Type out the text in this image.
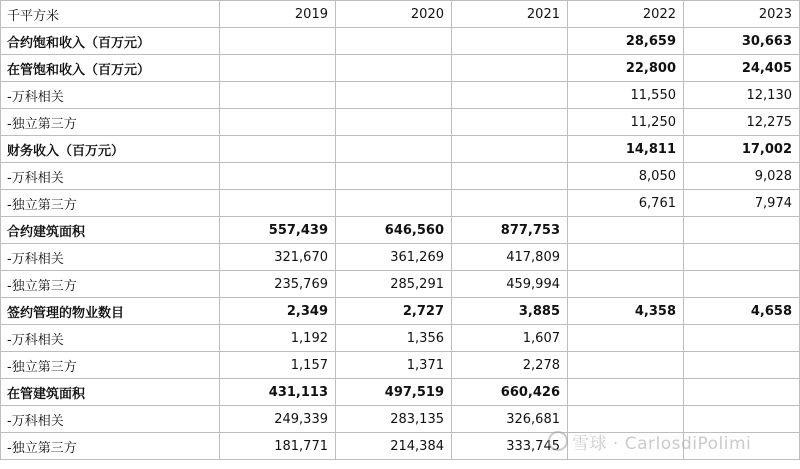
千平方米	2019	2020	2021	2022	2023
合约饱和收入（百万元）				28,659	30,663
在管饱和收入（百万元）				22,800	24,405
-万科相关				11,550	12,130
-独立第三方				11,250	12,275
财务收入（百万元）				14,811	17,002
-万科相关				8,050	9,028
-独立第三方				6,761	7,974
合约建筑面积	557,439	646,560	877,753		
-万科相关	321,670	361,269	417,809		
-独立第三方	235,769	285,291	459,994		
签约管理的物业数目	2,349	2,727	3,885	4,358	4,658
-万科相关	1,192	1,356	1,607		
-独立第三方	1,157	1,371	2,278		
在管建筑面积	431,113	497,519	660,426		
-万科相关	249,339	283,135	326,681		
-独立第三方	181,771	214,384	333,745		雪球 · CarlosdiPolimi
